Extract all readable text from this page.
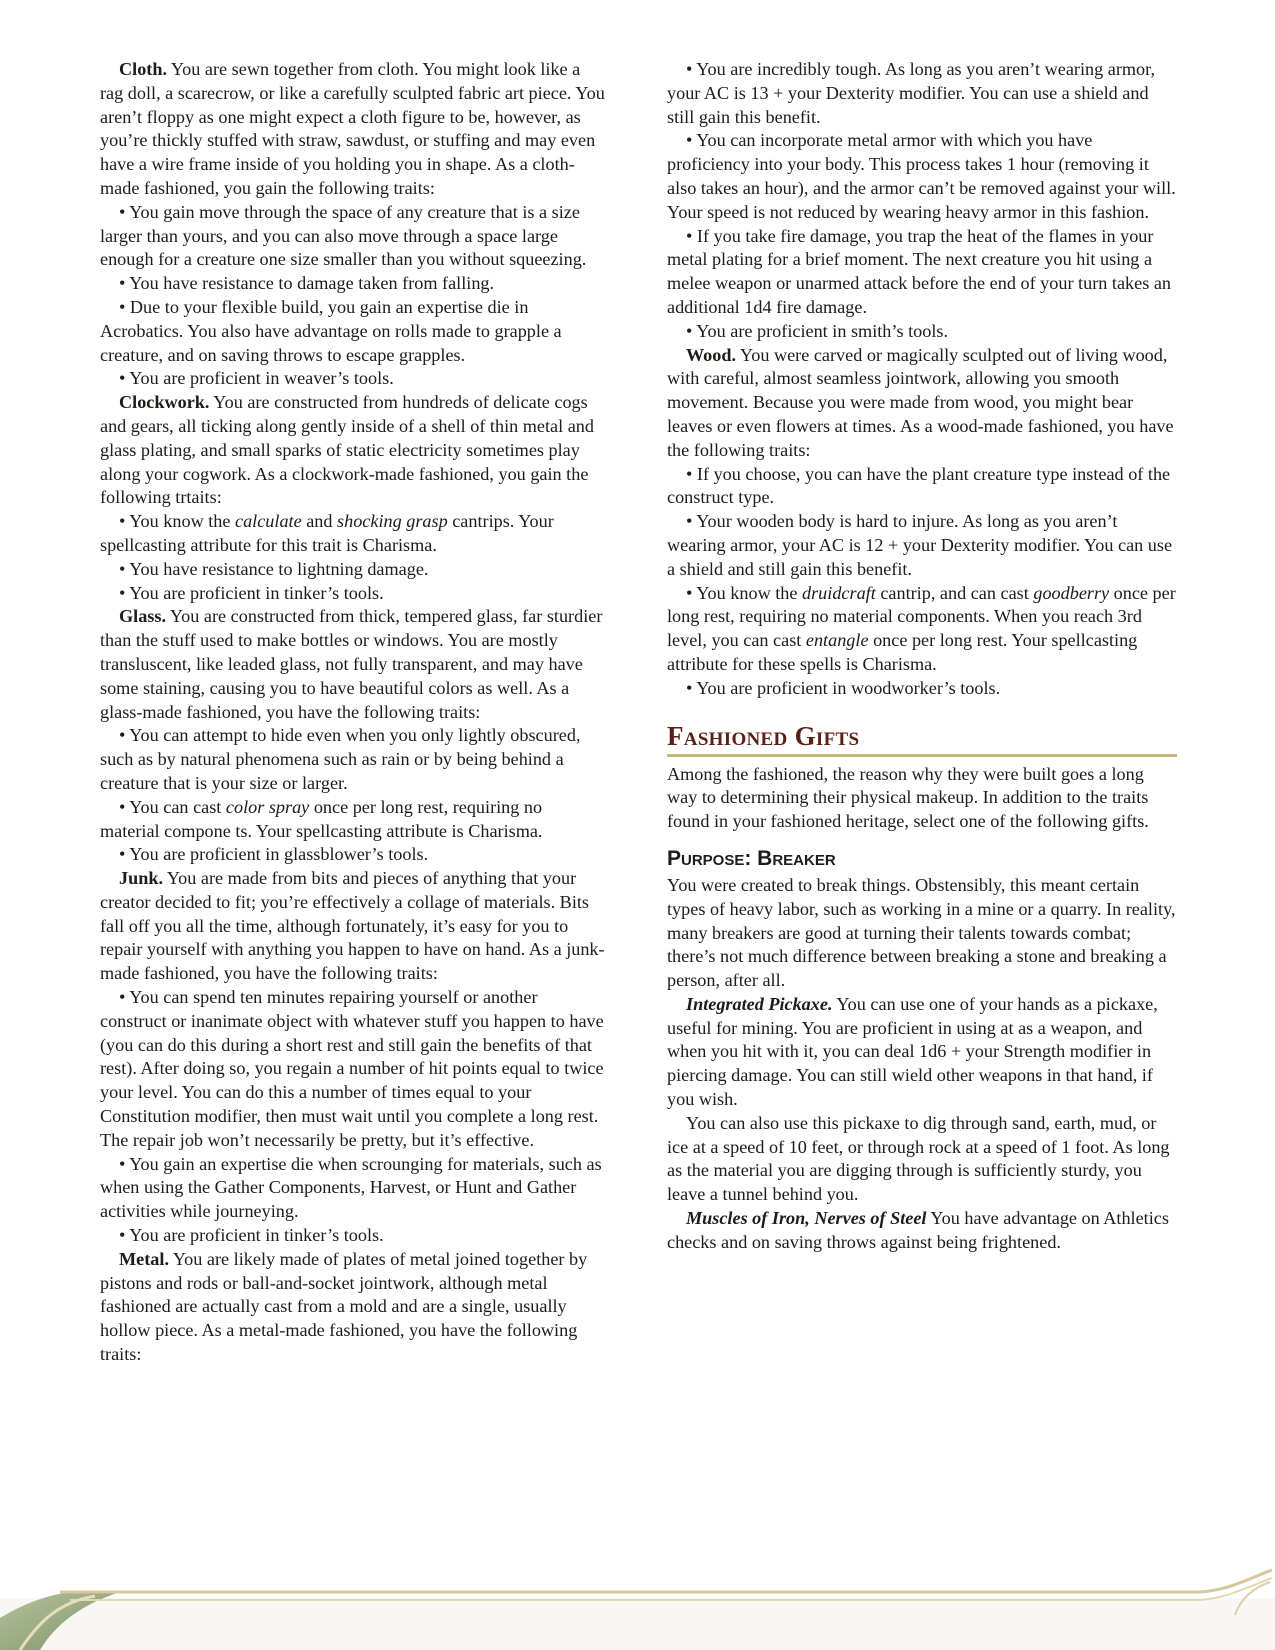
Cloth. You are sewn together from cloth. You might look like a rag doll, a scarecrow, or like a carefully sculpted fabric art piece. You aren’t floppy as one might expect a cloth figure to be, however, as you’re thickly stuffed with straw, sawdust, or stuffing and may even have a wire frame inside of you holding you in shape. As a cloth-made fashioned, you gain the following traits:

• You gain move through the space of any creature that is a size larger than yours, and you can also move through a space large enough for a creature one size smaller than you without squeezing.

• You have resistance to damage taken from falling.

• Due to your flexible build, you gain an expertise die in Acrobatics. You also have advantage on rolls made to grapple a creature, and on saving throws to escape grapples.

• You are proficient in weaver’s tools.

Clockwork. You are constructed from hundreds of delicate cogs and gears, all ticking along gently inside of a shell of thin metal and glass plating, and small sparks of static electricity sometimes play along your cogwork. As a clockwork-made fashioned, you gain the following trtaits:

• You know the calculate and shocking grasp cantrips. Your spellcasting attribute for this trait is Charisma.

• You have resistance to lightning damage.

• You are proficient in tinker’s tools.

Glass. You are constructed from thick, tempered glass, far sturdier than the stuff used to make bottles or windows. You are mostly transluscent, like leaded glass, not fully transparent, and may have some staining, causing you to have beautiful colors as well. As a glass-made fashioned, you have the following traits:

• You can attempt to hide even when you only lightly obscured, such as by natural phenomena such as rain or by being behind a creature that is your size or larger.

• You can cast color spray once per long rest, requiring no material compone ts. Your spellcasting attribute is Charisma.

• You are proficient in glassblower’s tools.

Junk. You are made from bits and pieces of anything that your creator decided to fit; you’re effectively a collage of materials. Bits fall off you all the time, although fortunately, it’s easy for you to repair yourself with anything you happen to have on hand. As a junk-made fashioned, you have the following traits:

• You can spend ten minutes repairing yourself or another construct or inanimate object with whatever stuff you happen to have (you can do this during a short rest and still gain the benefits of that rest). After doing so, you regain a number of hit points equal to twice your level. You can do this a number of times equal to your Constitution modifier, then must wait until you complete a long rest. The repair job won’t necessarily be pretty, but it’s effective.

• You gain an expertise die when scrounging for materials, such as when using the Gather Components, Harvest, or Hunt and Gather activities while journeying.

• You are proficient in tinker’s tools.

Metal. You are likely made of plates of metal joined together by pistons and rods or ball-and-socket jointwork, although metal fashioned are actually cast from a mold and are a single, usually hollow piece. As a metal-made fashioned, you have the following traits:

• You are incredibly tough. As long as you aren’t wearing armor, your AC is 13 + your Dexterity modifier. You can use a shield and still gain this benefit.

• You can incorporate metal armor with which you have proficiency into your body. This process takes 1 hour (removing it also takes an hour), and the armor can’t be removed against your will. Your speed is not reduced by wearing heavy armor in this fashion.

• If you take fire damage, you trap the heat of the flames in your metal plating for a brief moment. The next creature you hit using a melee weapon or unarmed attack before the end of your turn takes an additional 1d4 fire damage.

• You are proficient in smith’s tools.

Wood. You were carved or magically sculpted out of living wood, with careful, almost seamless jointwork, allowing you smooth movement. Because you were made from wood, you might bear leaves or even flowers at times. As a wood-made fashioned, you have the following traits:

• If you choose, you can have the plant creature type instead of the construct type.

• Your wooden body is hard to injure. As long as you aren’t wearing armor, your AC is 12 + your Dexterity modifier. You can use a shield and still gain this benefit.

• You know the druidcraft cantrip, and can cast goodberry once per long rest, requiring no material components. When you reach 3rd level, you can cast entangle once per long rest. Your spellcasting attribute for these spells is Charisma.

• You are proficient in woodworker’s tools.

Fashioned Gifts

Among the fashioned, the reason why they were built goes a long way to determining their physical makeup. In addition to the traits found in your fashioned heritage, select one of the following gifts.

Purpose: Breaker

You were created to break things. Obstensibly, this meant certain types of heavy labor, such as working in a mine or a quarry. In reality, many breakers are good at turning their talents towards combat; there’s not much difference between breaking a stone and breaking a person, after all.

Integrated Pickaxe. You can use one of your hands as a pickaxe, useful for mining. You are proficient in using at as a weapon, and when you hit with it, you can deal 1d6 + your Strength modifier in piercing damage. You can still wield other weapons in that hand, if you wish.

You can also use this pickaxe to dig through sand, earth, mud, or ice at a speed of 10 feet, or through rock at a speed of 1 foot. As long as the material you are digging through is sufficiently sturdy, you leave a tunnel behind you.

Muscles of Iron, Nerves of Steel You have advantage on Athletics checks and on saving throws against being frightened.
